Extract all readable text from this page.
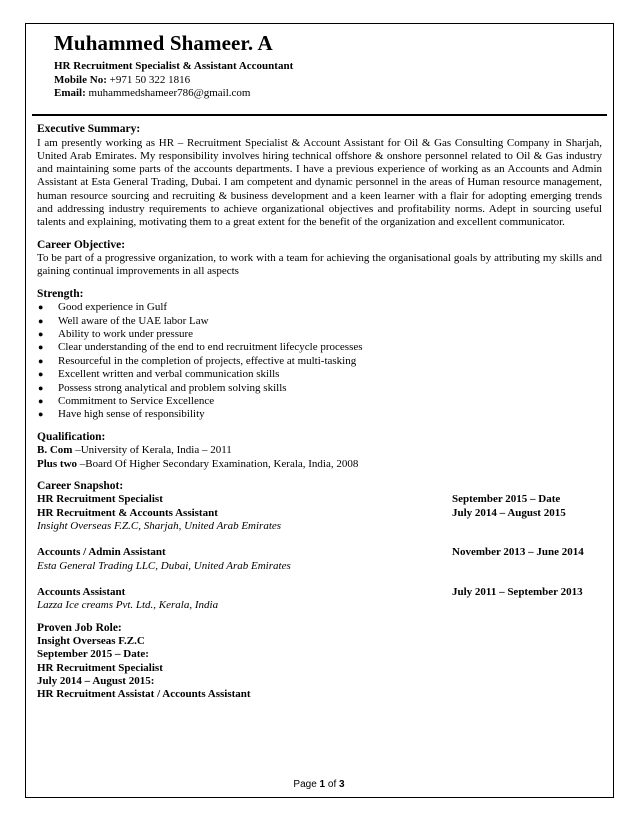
Muhammed Shameer. A
HR Recruitment Specialist & Assistant Accountant
Mobile No: +971 50 322 1816
Email: muhammedshameer786@gmail.com
Executive Summary:

I am presently working as HR – Recruitment Specialist & Account Assistant for Oil & Gas Consulting Company in Sharjah, United Arab Emirates. My responsibility involves hiring technical offshore & onshore personnel related to Oil & Gas industry and maintaining some parts of the accounts departments. I have a previous experience of working as an Accounts and Admin Assistant at Esta General Trading, Dubai. I am competent and dynamic personnel in the areas of Human resource management, human resource sourcing and recruiting & business development and a keen learner with a flair for adopting emerging trends and addressing industry requirements to achieve organizational objectives and profitability norms. Adept in sourcing useful talents and explaining, motivating them to a great extent for the benefit of the organization and excellent communicator.

Career Objective:

To be part of a progressive organization, to work with a team for achieving the organisational goals by attributing my skills and gaining continual improvements in all aspects

Strength:
● Good experience in Gulf
● Well aware of the UAE labor Law
● Ability to work under pressure
● Clear understanding of the end to end recruitment lifecycle processes
● Resourceful in the completion of projects, effective at multi-tasking
● Excellent written and verbal communication skills
● Possess strong analytical and problem solving skills
● Commitment to Service Excellence
● Have high sense of responsibility
Qualification:
B. Com –University of Kerala, India – 2011
Plus two –Board Of Higher Secondary Examination, Kerala, India, 2008
Career Snapshot:
HR Recruitment Specialist	September 2015 – Date
HR Recruitment & Accounts Assistant	July 2014 – August 2015
Insight Overseas F.Z.C, Sharjah, United Arab Emirates
Accounts / Admin Assistant	November 2013 – June 2014
Esta General Trading LLC, Dubai, United Arab Emirates
Accounts Assistant	July 2011 – September 2013
Lazza Ice creams Pvt. Ltd., Kerala, India
Proven Job Role:
Insight Overseas F.Z.C
September 2015 – Date:
HR Recruitment Specialist
July 2014 – August 2015:
HR Recruitment Assistat / Accounts Assistant
Page 1 of 3
